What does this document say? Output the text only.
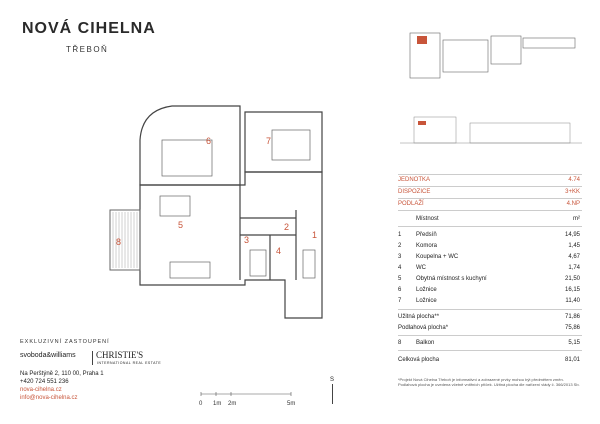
NOVÁ CIHELNA
TŘEBOŇ
6	7
5
3
2
4
1
8
JEDNOTKA	4.74
DISPOZICE	3+KK
PODLAŽÍ	4.NP
Místnost	m²
1 Předsíň	14,95
2 Komora	1,45
3 Koupelna + WC	4,67
4 WC	1,74
5 Obytná místnost s kuchyní	21,50
6 Ložnice	16,15
7 Ložnice	11,40
Užitná plocha**	71,86
Podlahová plocha*	75,86
8 Balkon	5,15
Celková plocha	81,01
*Projekt Nová Cihelna Třeboň je informativní a zobrazené prvky mohou být předmětem změn. Podlahová plocha je uvedena včetně vnitřních příček. Užitná plocha dle nařízení vlády č. 366/2013 Sb.
EXKLUZIVNÍ ZASTOUPENÍ
svoboda&williams CHRISTIE'S
INTERNATIONAL REAL ESTATE
Na Perštýně 2, 110 00, Praha 1
+420 724 551 236
nova-cihelna.cz
info@nova-cihelna.cz
0 1m 2m	5m
S
